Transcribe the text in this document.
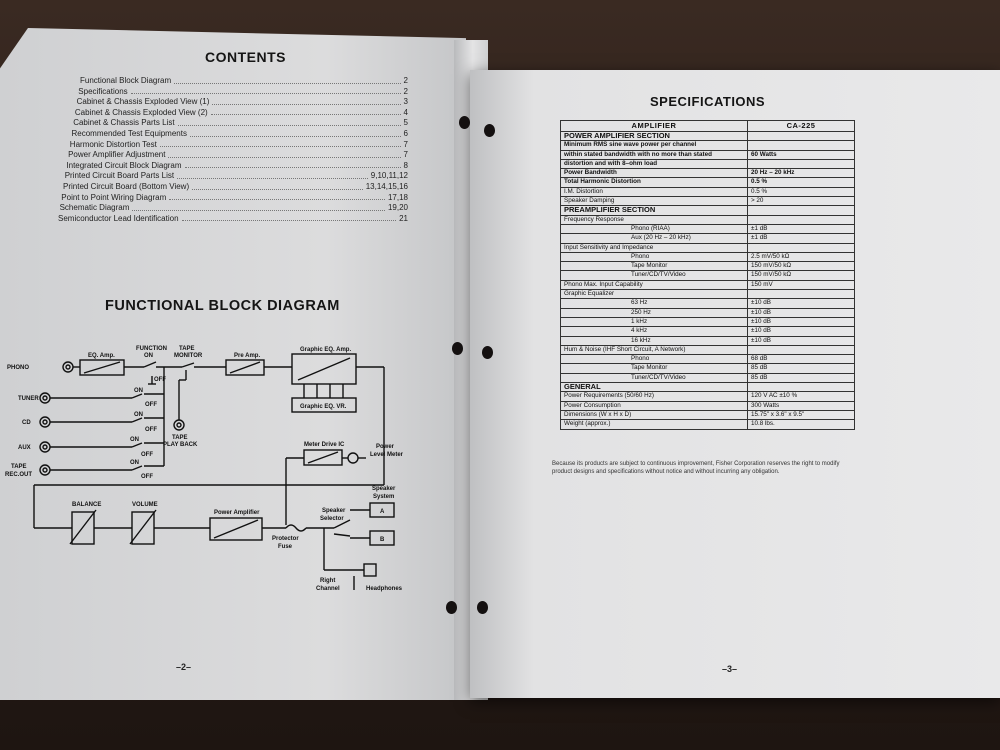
CONTENTS
Functional Block Diagram	2
Specifications	2
Cabinet & Chassis Exploded View (1)	3
Cabinet & Chassis Exploded View (2)	4
Cabinet & Chassis Parts List	5
Recommended Test Equipments	6
Harmonic Distortion Test	7
Power Amplifier Adjustment	7
Integrated Circuit Block Diagram	8
Printed Circuit Board Parts List	9,10,11,12
Printed Circuit Board (Bottom View)	13,14,15,16
Point to Point Wiring Diagram	17,18
Schematic Diagram	19,20
Semiconductor Lead Identification	21
FUNCTIONAL BLOCK DIAGRAM
PHONO
TUNER
CD
AUX
TAPE
REC.OUT
EQ. Amp.
FUNCTION
ON
TAPE
MONITOR	Pre Amp.
Graphic EQ. Amp.
Graphic EQ. VR.
OFF
ON
OFF
ON
OFF
ON
OFF
ON
OFF
TAPE
PLAY BACK	Meter Drive IC	Power
Level Meter
BALANCE	VOLUME
Power Amplifier
Protector
Fuse
Speaker
Selector
Speaker
System
A
B
Right
Channel	Headphones
–2–
SPECIFICATIONS
AMPLIFIER	CA-225
POWER AMPLIFIER SECTION	
Minimum RMS sine wave power per channel	
within stated bandwidth with no more than stated	60 Watts
distortion and with 8–ohm load	
Power Bandwidth	20 Hz – 20 kHz
Total Harmonic Distortion	0.5 %
I.M. Distortion	0.5 %
Speaker Damping	> 20
PREAMPLIFIER SECTION	
Frequency Response	
Phono (RIAA)	±1 dB
Aux (20 Hz – 20 kHz)	±1 dB
Input Sensitivity and Impedance	
Phono	2.5 mV/50 kΩ
Tape Monitor	150 mV/50 kΩ
Tuner/CD/TV/Video	150 mV/50 kΩ
Phono Max. Input Capability	150 mV
Graphic Equalizer	
63 Hz	±10 dB
250 Hz	±10 dB
1 kHz	±10 dB
4 kHz	±10 dB
16 kHz	±10 dB
Hum & Noise (IHF Short Circuit, A Network)	
Phono	68 dB
Tape Monitor	85 dB
Tuner/CD/TV/Video	85 dB
GENERAL	
Power Requirements (50/60 Hz)	120 V AC ±10 %
Power Consumption	300 Watts
Dimensions (W x H x D)	15.75" x 3.6" x 9.5"
Weight (approx.)	10.8 lbs.
Because its products are subject to continuous improvement, Fisher Corporation reserves the right to modify
product designs and specifications without notice and without incurring any obligation.
–3–
